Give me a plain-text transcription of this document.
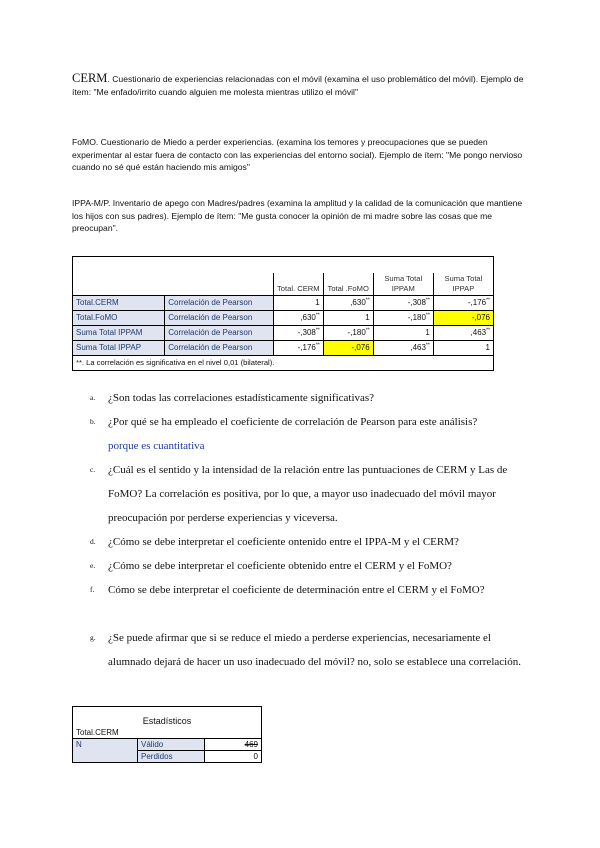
CERM. Cuestionario de experiencias relacionadas con el móvil (examina el uso problemático del móvil). Ejemplo de ítem: "Me enfado/irrito cuando alguien me molesta mientras utilizo el móvil"

FoMO. Cuestionario de Miedo a perder experiencias. (examina los temores y preocupaciones que se pueden experimentar al estar fuera de contacto con las experiencias del entorno social). Ejemplo de ítem: "Me pongo nervioso cuando no sé qué están haciendo mis amigos"

IPPA-M/P. Inventario de apego con Madres/padres (examina la amplitud y la calidad de la comunicación que mantiene los hijos con sus padres). Ejemplo de ítem: "Me gusta conocer la opinión de mi madre sobre las cosas que me preocupan".

		Total. CERM	Total .FoMO	Suma Total IPPAM	Suma Total IPPAP
Total.CERM	Correlación de Pearson	1	,630**	-,308**	-,176**
Total.FoMO	Correlación de Pearson	,630**	1	-,180**	-,076
Suma Total IPPAM	Correlación de Pearson	-,308**	-,180**	1	,463**
Suma Total IPPAP	Correlación de Pearson	-,176**	-,076	,463**	1
**. La correlación es significativa en el nivel 0,01 (bilateral).					
a.	¿Son todas las correlaciones estadísticamente significativas?
b.	¿Por qué se ha empleado el coeficiente de correlación de Pearson para este análisis?
porque es cuantitativa
c.	¿Cuál es el sentido y la intensidad de la relación entre las puntuaciones de CERM y Las de FoMO? La correlación es positiva, por lo que, a mayor uso inadecuado del móvil mayor preocupación por perderse experiencias y viceversa.
d.	¿Cómo se debe interpretar el coeficiente ontenido entre el IPPA-M y el CERM?
e.	¿Cómo se debe interpretar el coeficiente obtenido entre el CERM y el FoMO?
f.	Cómo se debe interpretar el coeficiente de determinación entre el CERM y el FoMO?
g.	¿Se puede afirmar que si se reduce el miedo a perderse experiencias, necesariamente el alumnado dejará de hacer un uso inadecuado del móvil? no, solo se establece una correlación.
Estadísticos		
Total.CERM		
N	Válido	469
	Perdidos	0
